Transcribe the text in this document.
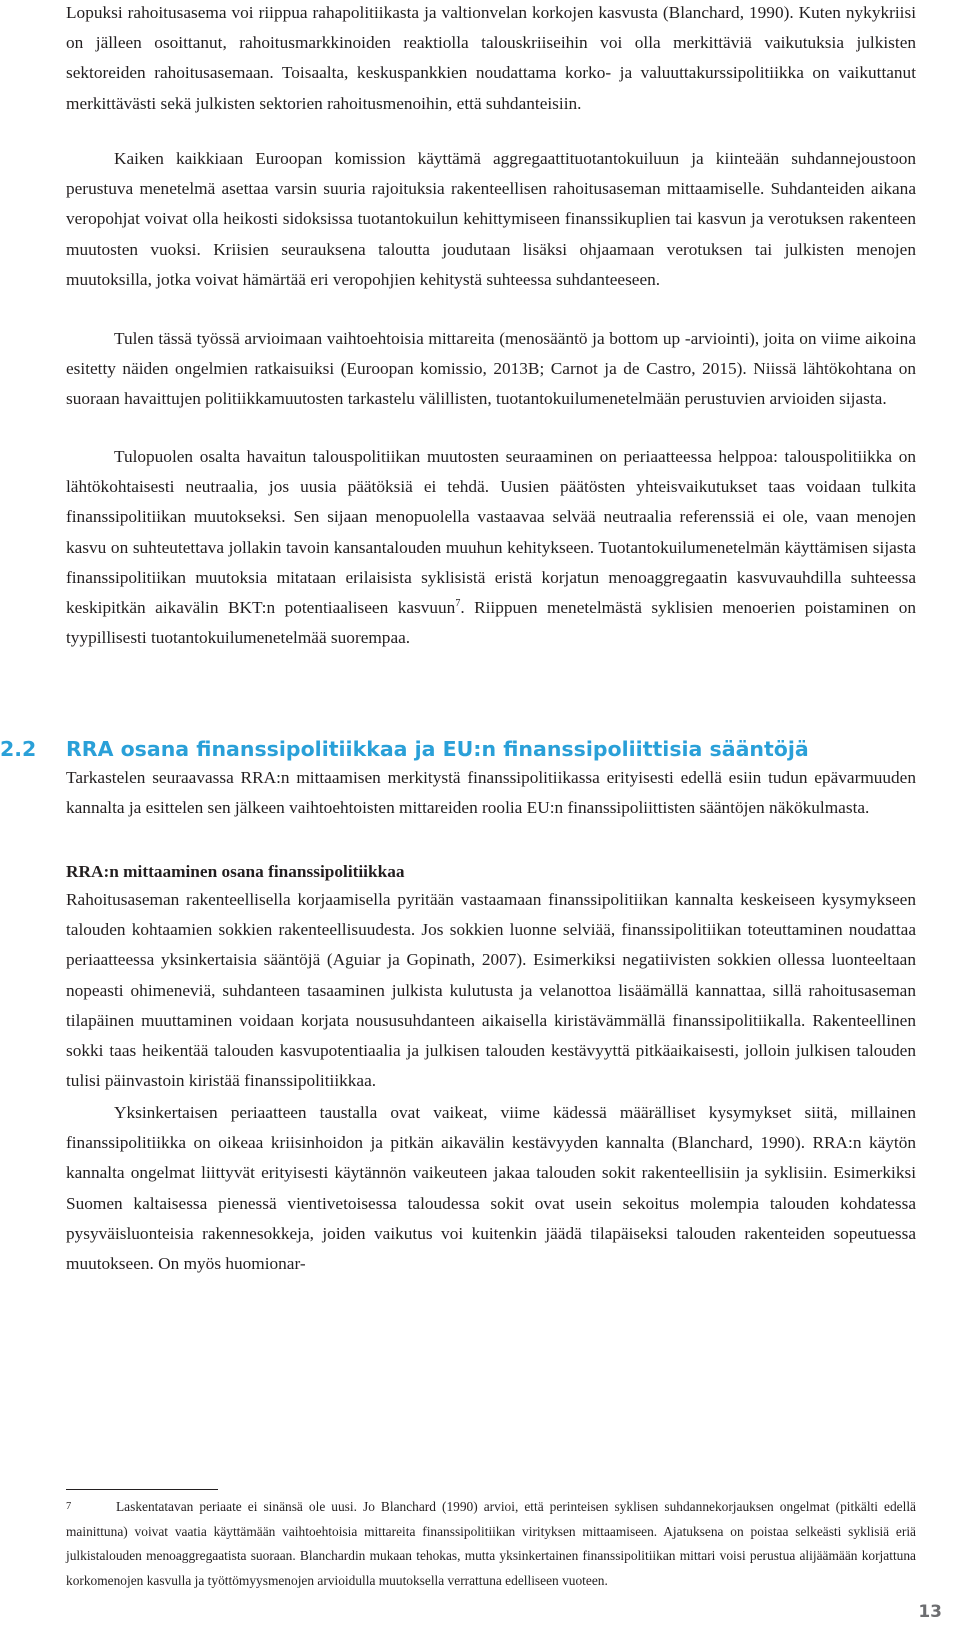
Lopuksi rahoitusasema voi riippua rahapolitiikasta ja valtionvelan korkojen kasvusta (Blanchard, 1990). Kuten nykykriisi on jälleen osoittanut, rahoitusmarkkinoiden reaktiolla talouskriiseihin voi olla merkittäviä vaikutuksia julkisten sektoreiden rahoitusasemaan. Toisaalta, keskuspankkien noudattama korko- ja valuuttakurssipolitiikka on vaikuttanut merkittävästi sekä julkisten sektorien rahoitusmenoihin, että suhdanteisiin.

Kaiken kaikkiaan Euroopan komission käyttämä aggregaattituotantokuiluun ja kiinteään suhdannejoustoon perustuva menetelmä asettaa varsin suuria rajoituksia rakenteellisen rahoitusaseman mittaamiselle. Suhdanteiden aikana veropohjat voivat olla heikosti sidoksissa tuotantokuilun kehittymiseen finanssikuplien tai kasvun ja verotuksen rakenteen muutosten vuoksi. Kriisien seurauksena taloutta joudutaan lisäksi ohjaamaan verotuksen tai julkisten menojen muutoksilla, jotka voivat hämärtää eri veropohjien kehitystä suhteessa suhdanteeseen.

Tulen tässä työssä arvioimaan vaihtoehtoisia mittareita (menosääntö ja bottom up -arviointi), joita on viime aikoina esitetty näiden ongelmien ratkaisuiksi (Euroopan komissio, 2013B; Carnot ja de Castro, 2015). Niissä lähtökohtana on suoraan havaittujen politiikkamuutosten tarkastelu välillisten, tuotantokuilumenetelmään perustuvien arvioiden sijasta.

Tulopuolen osalta havaitun talouspolitiikan muutosten seuraaminen on periaatteessa helppoa: talouspolitiikka on lähtökohtaisesti neutraalia, jos uusia päätöksiä ei tehdä. Uusien päätösten yhteisvaikutukset taas voidaan tulkita finanssipolitiikan muutokseksi. Sen sijaan menopuolella vastaavaa selvää neutraalia referenssiä ei ole, vaan menojen kasvu on suhteutettava jollakin tavoin kansantalouden muuhun kehitykseen. Tuotantokuilumenetelmän käyttämisen sijasta finanssipolitiikan muutoksia mitataan erilaisista syklisistä eristä korjatun menoaggregaatin kasvuvauhdilla suhteessa keskipitkän aikavälin BKT:n potentiaaliseen kasvuun$^7$. Riippuen menetelmästä syklisien menoerien poistaminen on tyypillisesti tuotantokuilumenetelmää suorempaa.

2.2 RRA osana finanssipolitiikkaa ja EU:n finanssipoliittisia sääntöjä

Tarkastelen seuraavassa RRA:n mittaamisen merkitystä finanssipolitiikassa erityisesti edellä esiin tudun epävarmuuden kannalta ja esittelen sen jälkeen vaihtoehtoisten mittareiden roolia EU:n finanssipoliittisten sääntöjen näkökulmasta.

RRA:n mittaaminen osana finanssipolitiikkaa

Rahoitusaseman rakenteellisella korjaamisella pyritään vastaamaan finanssipolitiikan kannalta keskeiseen kysymykseen talouden kohtaamien sokkien rakenteellisuudesta. Jos sokkien luonne selviää, finanssipolitiikan toteuttaminen noudattaa periaatteessa yksinkertaisia sääntöjä (Aguiar ja Gopinath, 2007). Esimerkiksi negatiivisten sokkien ollessa luonteeltaan nopeasti ohimeneviä, suhdanteen tasaaminen julkista kulutusta ja velanottoa lisäämällä kannattaa, sillä rahoitusaseman tilapäinen muuttaminen voidaan korjata noususuhdanteen aikaisella kiristävämmällä finanssipolitiikalla. Rakenteellinen sokki taas heikentää talouden kasvupotentiaalia ja julkisen talouden kestävyyttä pitkäaikaisesti, jolloin julkisen talouden tulisi päinvastoin kiristää finanssipolitiikkaa.

Yksinkertaisen periaatteen taustalla ovat vaikeat, viime kädessä määrälliset kysymykset siitä, millainen finanssipolitiikka on oikeaa kriisinhoidon ja pitkän aikavälin kestävyyden kannalta (Blanchard, 1990). RRA:n käytön kannalta ongelmat liittyvät erityisesti käytännön vaikeuteen jakaa talouden sokit rakenteellisiin ja syklisiin. Esimerkiksi Suomen kaltaisessa pienessä vientivetoisessa taloudessa sokit ovat usein sekoitus molempia talouden kohdatessa pysyväisluonteisia rakennesokkeja, joiden vaikutus voi kuitenkin jäädä tilapäiseksi talouden rakenteiden sopeutuessa muutokseen. On myös huomionar-

7	Laskentatavan periaate ei sinänsä ole uusi. Jo Blanchard (1990) arvioi, että perinteisen syklisen suhdannekorjauksen ongelmat (pitkälti edellä mainittuna) voivat vaatia käyttämään vaihtoehtoisia mittareita finanssipolitiikan virityksen mittaamiseen. Ajatuksena on poistaa selkeästi syklisiä eriä julkistalouden menoaggregaatista suoraan. Blanchardin mukaan tehokas, mutta yksinkertainen finanssipolitiikan mittari voisi perustua alijäämään korjattuna korkomenojen kasvulla ja työttömyysmenojen arvioidulla muutoksella verrattuna edelliseen vuoteen.

13
